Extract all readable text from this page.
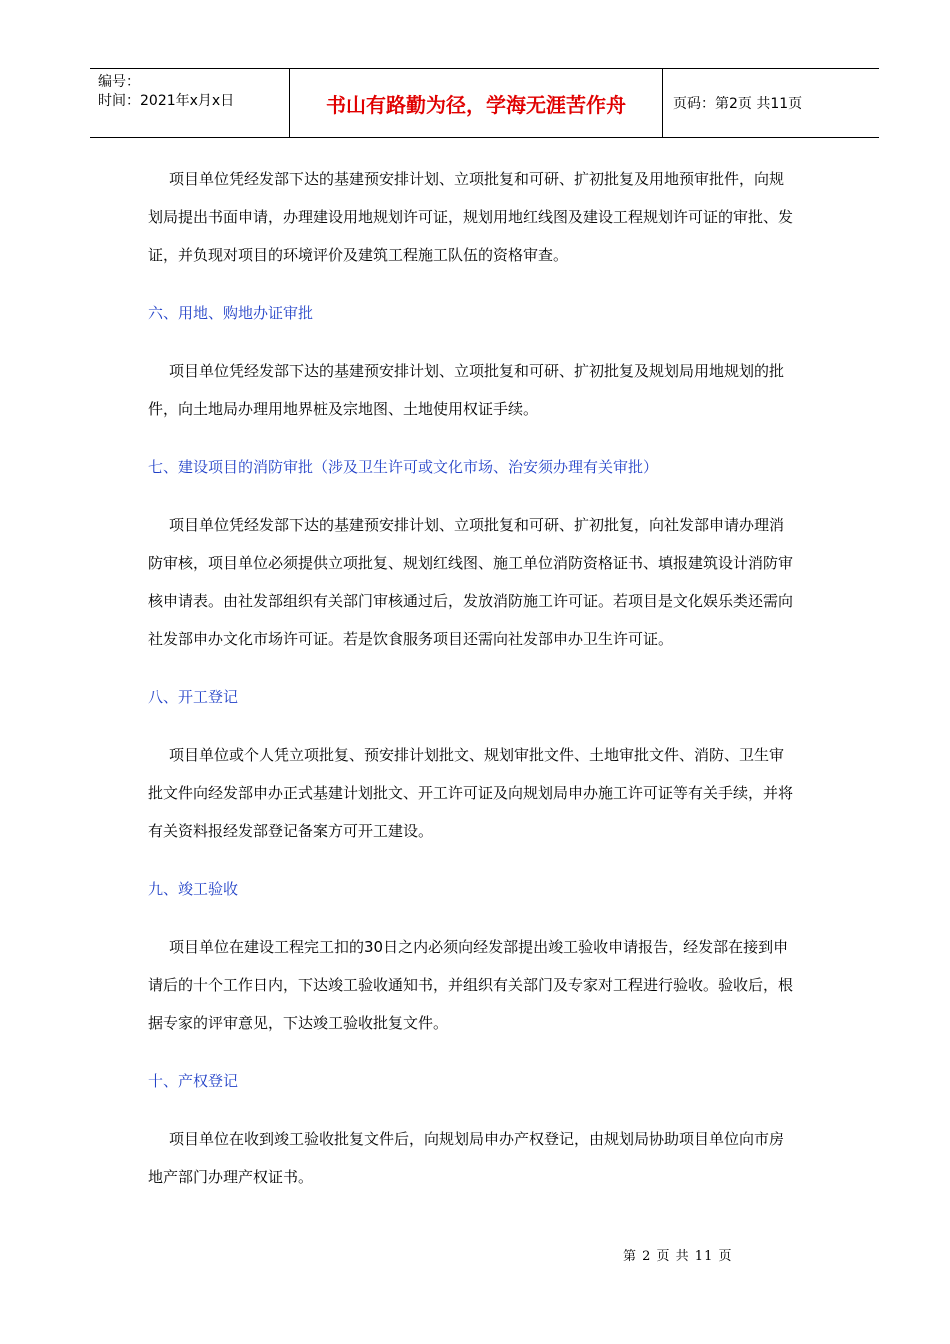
编号：
时间：2021年x月x日	书山有路勤为径，学海无涯苦作舟	页码：第2页 共11页

项目单位凭经发部下达的基建预安排计划、立项批复和可研、扩初批复及用地预审批件，向规划局提出书面申请，办理建设用地规划许可证，规划用地红线图及建设工程规划许可证的审批、发证，并负现对项目的环境评价及建筑工程施工队伍的资格审查。

六、用地、购地办证审批

项目单位凭经发部下达的基建预安排计划、立项批复和可研、扩初批复及规划局用地规划的批件，向土地局办理用地界桩及宗地图、土地使用权证手续。

七、建设项目的消防审批（涉及卫生许可或文化市场、治安须办理有关审批）

项目单位凭经发部下达的基建预安排计划、立项批复和可研、扩初批复，向社发部申请办理消防审核，项目单位必须提供立项批复、规划红线图、施工单位消防资格证书、填报建筑设计消防审核申请表。由社发部组织有关部门审核通过后，发放消防施工许可证。若项目是文化娱乐类还需向社发部申办文化市场许可证。若是饮食服务项目还需向社发部申办卫生许可证。

八、开工登记

项目单位或个人凭立项批复、预安排计划批文、规划审批文件、土地审批文件、消防、卫生审批文件向经发部申办正式基建计划批文、开工许可证及向规划局申办施工许可证等有关手续，并将有关资料报经发部登记备案方可开工建设。

九、竣工验收

项目单位在建设工程完工扣的30日之内必须向经发部提出竣工验收申请报告，经发部在接到申请后的十个工作日内，下达竣工验收通知书，并组织有关部门及专家对工程进行验收。验收后，根据专家的评审意见，下达竣工验收批复文件。

十、产权登记

项目单位在收到竣工验收批复文件后，向规划局申办产权登记，由规划局协助项目单位向市房地产部门办理产权证书。

第 2 页 共 11 页
